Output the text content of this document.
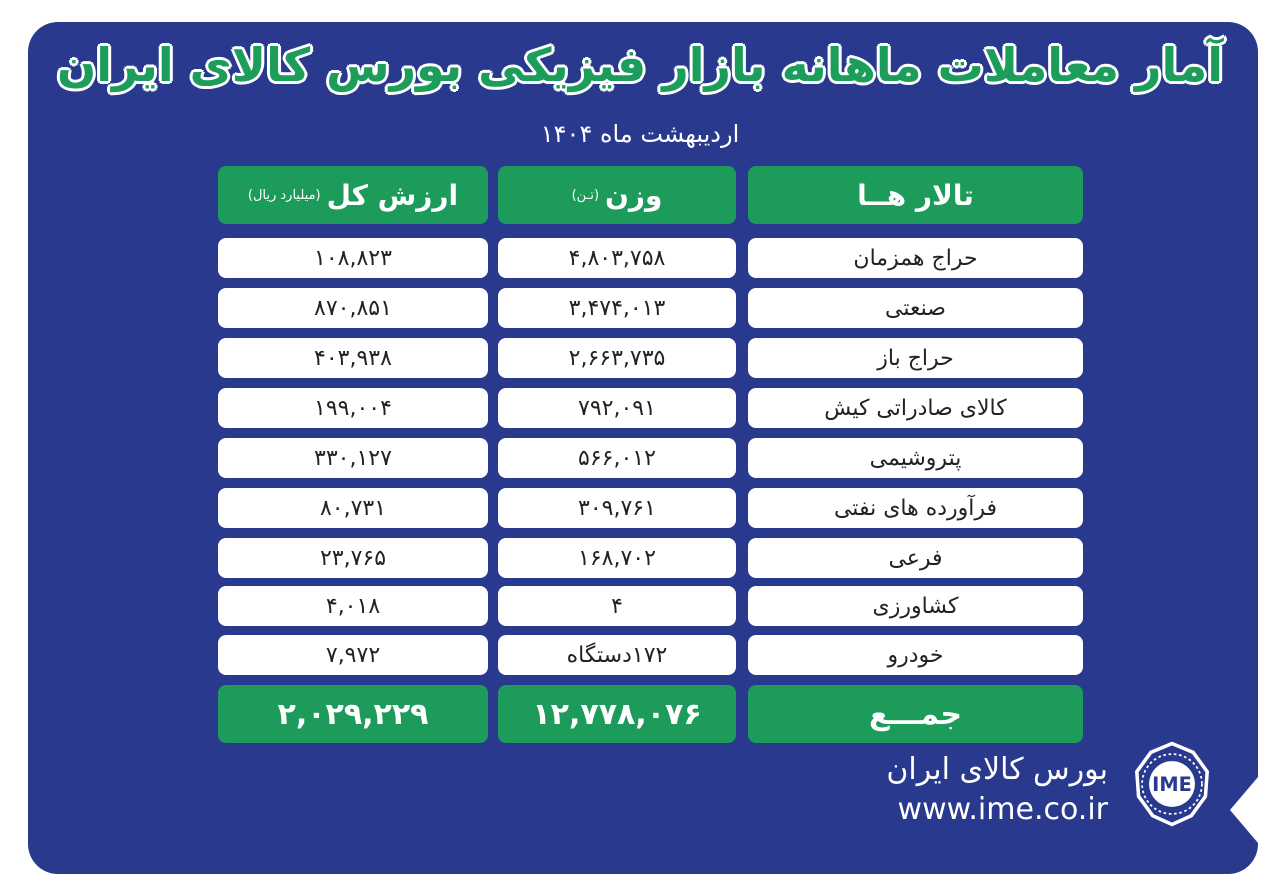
آمار معاملات ماهانه بازار فیزیکی بورس کالای ایران
اردیبهشت ماه ۱۴۰۴
تالار هــا
وزن
(تـن)
ارزش کل
(میلیارد ریال)
حراج همزمان
۴,۸۰۳,۷۵۸
۱۰۸,۸۲۳
صنعتی
۳,۴۷۴,۰۱۳
۸۷۰,۸۵۱
حراج باز
۲,۶۶۳,۷۳۵
۴۰۳,۹۳۸
کالای صادراتی کیش
۷۹۲,۰۹۱
۱۹۹,۰۰۴
پتروشیمی
۵۶۶,۰۱۲
۳۳۰,۱۲۷
فرآورده های نفتی
۳۰۹,۷۶۱
۸۰,۷۳۱
فرعی
۱۶۸,۷۰۲
۲۳,۷۶۵
کشاورزی
۴
۴,۰۱۸
خودرو
۱۷۲دستگاه
۷,۹۷۲
جمـــع
۱۲,۷۷۸,۰۷۶
۲,۰۲۹,۲۲۹
بورس کالای ایران
www.ime.co.ir
IME
